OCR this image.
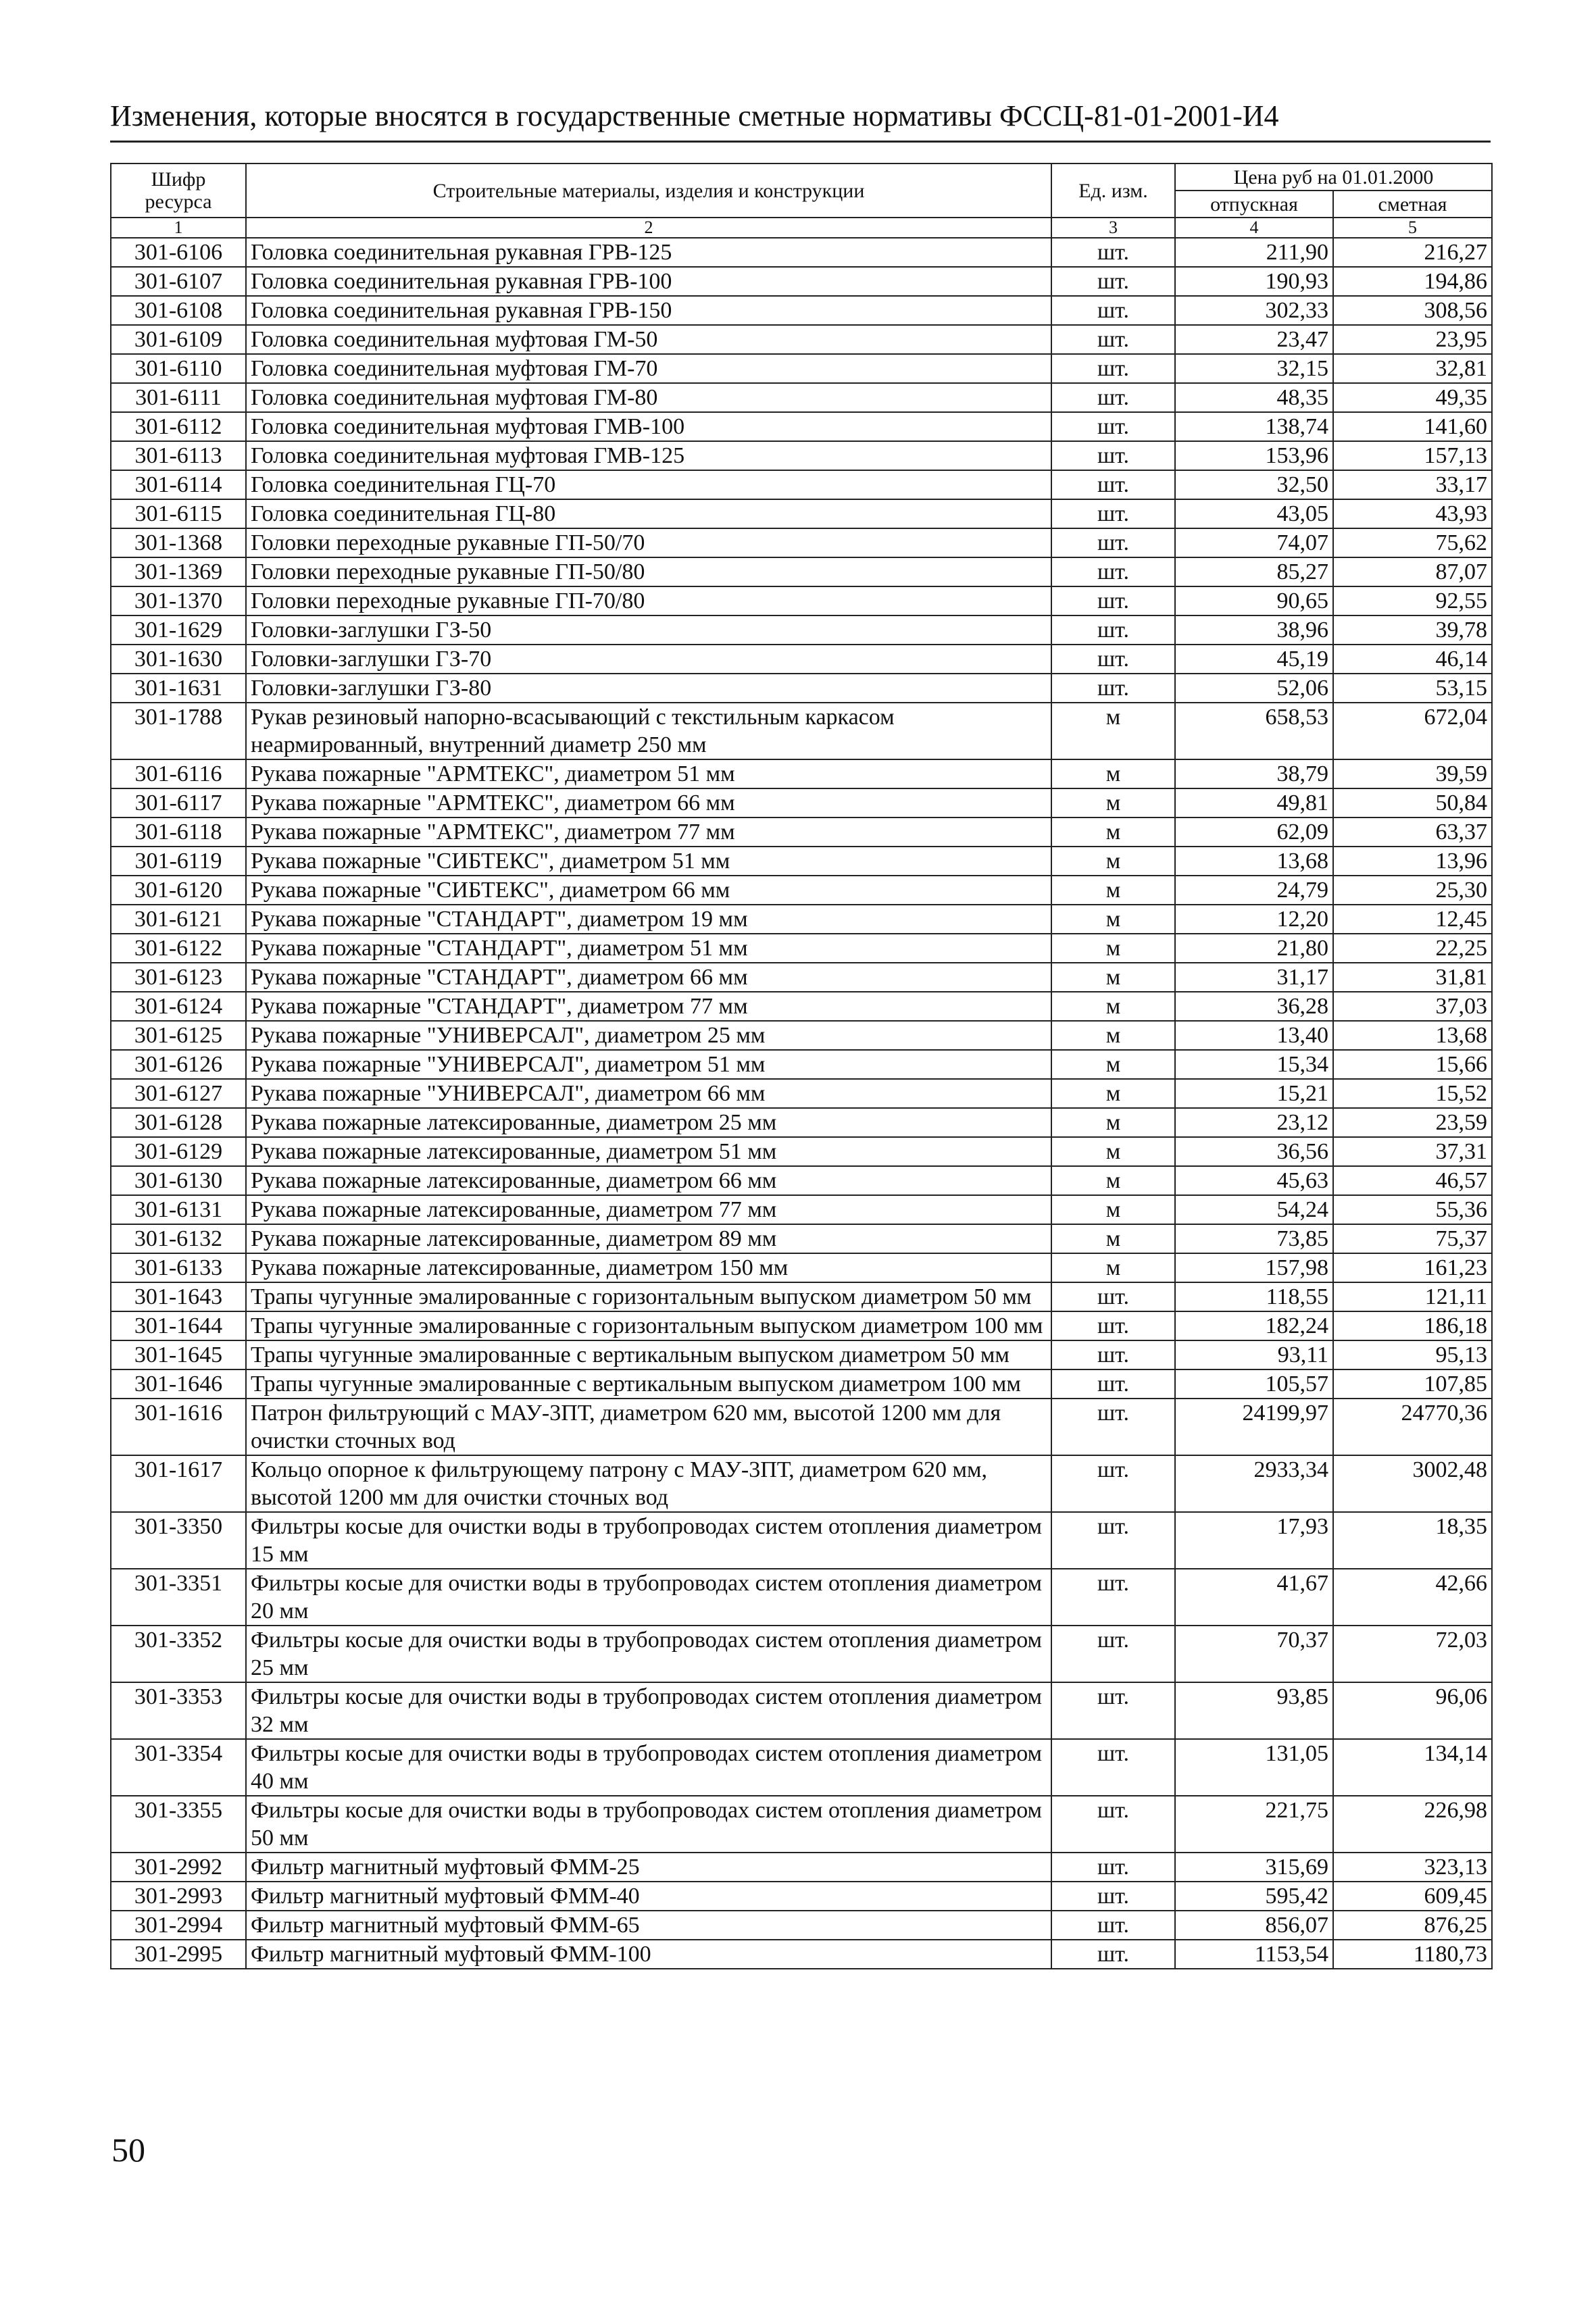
Изменения, которые вносятся в государственные сметные нормативы ФССЦ-81-01-2001-И4
Шифр ресурса	Строительные материалы, изделия и конструкции	Ед. изм.	Цена руб на 01.01.2000	
			отпускная	сметная
1	2	3	4	5
301-6106	Головка соединительная рукавная ГРВ-125	шт.	211,90	216,27
301-6107	Головка соединительная рукавная ГРВ-100	шт.	190,93	194,86
301-6108	Головка соединительная рукавная ГРВ-150	шт.	302,33	308,56
301-6109	Головка соединительная муфтовая ГМ-50	шт.	23,47	23,95
301-6110	Головка соединительная муфтовая ГМ-70	шт.	32,15	32,81
301-6111	Головка соединительная муфтовая ГМ-80	шт.	48,35	49,35
301-6112	Головка соединительная муфтовая ГМВ-100	шт.	138,74	141,60
301-6113	Головка соединительная муфтовая ГМВ-125	шт.	153,96	157,13
301-6114	Головка соединительная ГЦ-70	шт.	32,50	33,17
301-6115	Головка соединительная ГЦ-80	шт.	43,05	43,93
301-1368	Головки переходные рукавные ГП-50/70	шт.	74,07	75,62
301-1369	Головки переходные рукавные ГП-50/80	шт.	85,27	87,07
301-1370	Головки переходные рукавные ГП-70/80	шт.	90,65	92,55
301-1629	Головки-заглушки ГЗ-50	шт.	38,96	39,78
301-1630	Головки-заглушки ГЗ-70	шт.	45,19	46,14
301-1631	Головки-заглушки ГЗ-80	шт.	52,06	53,15
301-1788	Рукав резиновый напорно-всасывающий с текстильным каркасом неармированный, внутренний диаметр 250 мм	м	658,53	672,04
301-6116	Рукава пожарные "АРМТЕКС", диаметром 51 мм	м	38,79	39,59
301-6117	Рукава пожарные "АРМТЕКС", диаметром 66 мм	м	49,81	50,84
301-6118	Рукава пожарные "АРМТЕКС", диаметром 77 мм	м	62,09	63,37
301-6119	Рукава пожарные "СИБТЕКС", диаметром 51 мм	м	13,68	13,96
301-6120	Рукава пожарные "СИБТЕКС", диаметром 66 мм	м	24,79	25,30
301-6121	Рукава пожарные "СТАНДАРТ", диаметром 19 мм	м	12,20	12,45
301-6122	Рукава пожарные "СТАНДАРТ", диаметром 51 мм	м	21,80	22,25
301-6123	Рукава пожарные "СТАНДАРТ", диаметром 66 мм	м	31,17	31,81
301-6124	Рукава пожарные "СТАНДАРТ", диаметром 77 мм	м	36,28	37,03
301-6125	Рукава пожарные "УНИВЕРСАЛ", диаметром 25 мм	м	13,40	13,68
301-6126	Рукава пожарные "УНИВЕРСАЛ", диаметром 51 мм	м	15,34	15,66
301-6127	Рукава пожарные "УНИВЕРСАЛ", диаметром 66 мм	м	15,21	15,52
301-6128	Рукава пожарные латексированные, диаметром 25 мм	м	23,12	23,59
301-6129	Рукава пожарные латексированные, диаметром 51 мм	м	36,56	37,31
301-6130	Рукава пожарные латексированные, диаметром 66 мм	м	45,63	46,57
301-6131	Рукава пожарные латексированные, диаметром 77 мм	м	54,24	55,36
301-6132	Рукава пожарные латексированные, диаметром 89 мм	м	73,85	75,37
301-6133	Рукава пожарные латексированные, диаметром 150 мм	м	157,98	161,23
301-1643	Трапы чугунные эмалированные с горизонтальным выпуском диаметром 50 мм	шт.	118,55	121,11
301-1644	Трапы чугунные эмалированные с горизонтальным выпуском диаметром 100 мм	шт.	182,24	186,18
301-1645	Трапы чугунные эмалированные с вертикальным выпуском диаметром 50 мм	шт.	93,11	95,13
301-1646	Трапы чугунные эмалированные с вертикальным выпуском диаметром 100 мм	шт.	105,57	107,85
301-1616	Патрон фильтрующий с МАУ-3ПТ, диаметром 620 мм, высотой 1200 мм для очистки сточных вод	шт.	24199,97	24770,36
301-1617	Кольцо опорное к фильтрующему патрону с МАУ-3ПТ, диаметром 620 мм, высотой 1200 мм для очистки сточных вод	шт.	2933,34	3002,48
301-3350	Фильтры косые для очистки воды в трубопроводах систем отопления диаметром 15 мм	шт.	17,93	18,35
301-3351	Фильтры косые для очистки воды в трубопроводах систем отопления диаметром 20 мм	шт.	41,67	42,66
301-3352	Фильтры косые для очистки воды в трубопроводах систем отопления диаметром 25 мм	шт.	70,37	72,03
301-3353	Фильтры косые для очистки воды в трубопроводах систем отопления диаметром 32 мм	шт.	93,85	96,06
301-3354	Фильтры косые для очистки воды в трубопроводах систем отопления диаметром 40 мм	шт.	131,05	134,14
301-3355	Фильтры косые для очистки воды в трубопроводах систем отопления диаметром 50 мм	шт.	221,75	226,98
301-2992	Фильтр магнитный муфтовый ФММ-25	шт.	315,69	323,13
301-2993	Фильтр магнитный муфтовый ФММ-40	шт.	595,42	609,45
301-2994	Фильтр магнитный муфтовый ФММ-65	шт.	856,07	876,25
301-2995	Фильтр магнитный муфтовый ФММ-100	шт.	1153,54	1180,73
50
